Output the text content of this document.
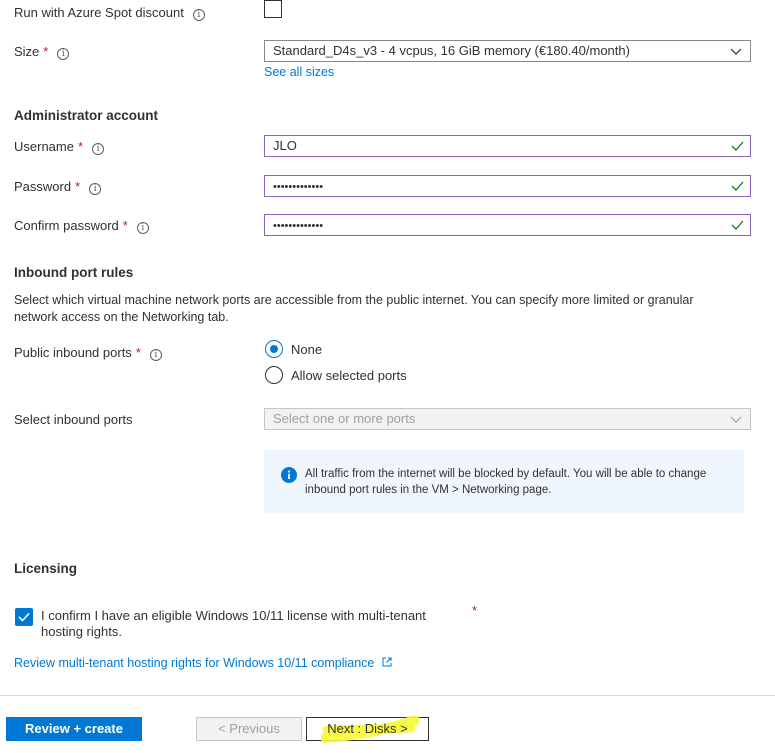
Run with Azure Spot discount i
Size * i	Standard_D4s_v3 - 4 vcpus, 16 GiB memory (€180.40/month)
See all sizes
Administrator account
Username * i	JLO
Password * i	•••••••••••••
Confirm password * i	•••••••••••••
Inbound port rules
Select which virtual machine network ports are accessible from the public internet. You can specify more limited or granular network access on the Networking tab.
Public inbound ports * i	None
Allow selected ports
Select inbound ports	Select one or more ports
All traffic from the internet will be blocked by default. You will be able to change inbound port rules in the VM > Networking page.
Licensing
I confirm I have an eligible Windows 10/11 license with multi-tenant hosting rights.
*
Review multi-tenant hosting rights for Windows 10/11 compliance
Review + create	< Previous	Next : Disks >
